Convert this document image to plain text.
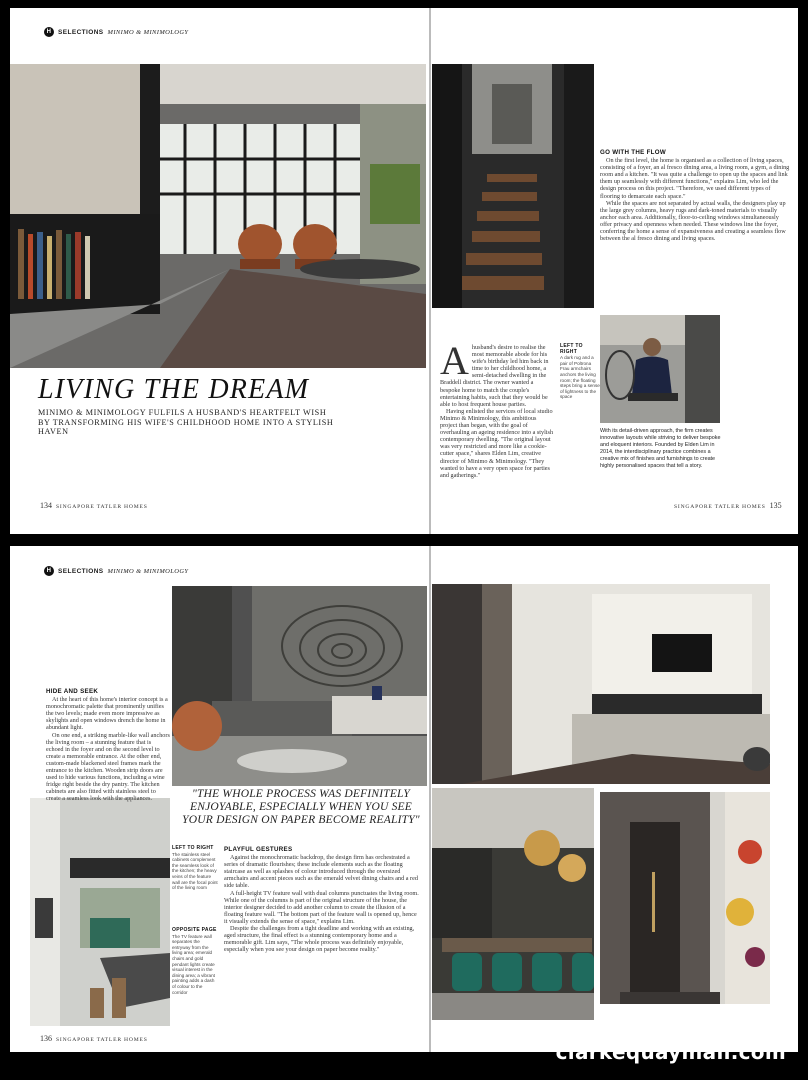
H	SELECTIONS MINIMO & MINIMOLOGY
LIVING THE DREAM
MINIMO & MINIMOLOGY FULFILS A HUSBAND'S HEARTFELT WISH BY TRANSFORMING HIS WIFE'S CHILDHOOD HOME INTO A STYLISH HAVEN
134 SINGAPORE TATLER HOMES
GO WITH THE FLOW

On the first level, the home is organised as a collection of living spaces, consisting of a foyer, an al fresco dining area, a living room, a gym, a dining room and a kitchen. "It was quite a challenge to open up the spaces and link them up seamlessly with different functions," explains Lim, who led the design process on this project. "Therefore, we used different types of flooring to demarcate each space."

While the spaces are not separated by actual walls, the designers play up the large grey columns, heavy rugs and dark-toned materials to visually anchor each area. Additionally, floor-to-ceiling windows simultaneously offer privacy and openness when needed. These windows line the foyer, conferring the home a sense of expansiveness and creating a seamless flow between the al fresco dining and living spaces.

A husband's desire to realise the most memorable abode for his wife's birthday led him back in time to her childhood home, a semi-detached dwelling in the Braddell district. The owner wanted a bespoke home to match the couple's entertaining habits, such that they would be able to host frequent house parties.

Having enlisted the services of local studio Minimo & Minimology, this ambitious project than began, with the goal of overhauling an ageing residence into a stylish contemporary dwelling. "The original layout was very restricted and more like a cookie-cutter space," shares Elden Lim, creative director of Minimo & Minimology. "They wanted to have a very open space for parties and gatherings."

LEFT TO RIGHT
A dark rug and a pair of Poltrona Frau armchairs anchors the living room; the floating steps bring a sense of lightness to the space
With its detail-driven approach, the firm creates innovative layouts while striving to deliver bespoke and eloquent interiors. Founded by Elden Lim in 2014, the interdisciplinary practice combines a creative mix of finishes and furnishings to create highly personalised spaces that tell a story.
SINGAPORE TATLER HOMES 135
H	SELECTIONS MINIMO & MINIMOLOGY
HIDE AND SEEK

At the heart of this home's interior concept is a monochromatic palette that prominently unifies the two levels; made even more impressive as skylights and open windows drench the home in abundant light.

On one end, a striking marble-like wall anchors the living room – a stunning feature that is echoed in the foyer and on the second level to create a memorable entrance. At the other end, custom-made blackened steel frames mark the entrance to the kitchen. Wooden strip doors are used to hide various functions, including a wine fridge right beside the dry pantry. The kitchen cabinets are also fitted with stainless steel to create a seamless look with the appliances.	"THE WHOLE PROCESS WAS DEFINITELY ENJOYABLE, ESPECIALLY WHEN YOU SEE YOUR DESIGN ON PAPER BECOME REALITY"
LEFT TO RIGHT
The stainless steel cabinets complement the seamless look of the kitchen; the heavy veins of the feature wall are the focal point of the living room
OPPOSITE PAGE
The TV feature wall separates the entryway from the living area; emerald chairs and gold pendant lights create visual interest in the dining area; a vibrant painting adds a dash of colour to the corridor
PLAYFUL GESTURES

Against the monochromatic backdrop, the design firm has orchestrated a series of dramatic flourishes; these include elements such as the floating staircase as well as splashes of colour introduced through the oversized armchairs and accent pieces such as the emerald velvet dining chairs and a red side table.

A full-height TV feature wall with dual columns punctuates the living room. While one of the columns is part of the original structure of the house, the interior designer decided to add another column to create the illusion of a floating feature wall. "The bottom part of the feature wall is opened up, hence it visually extends the sense of space," explains Lim.

Despite the challenges from a tight deadline and working with an existing, aged structure, the final effect is a stunning contemporary home and a memorable gift. Lim says, "The whole process was definitely enjoyable, especially when you see your design on paper become reality."

136 SINGAPORE TATLER HOMES	clarkequaymall.com
